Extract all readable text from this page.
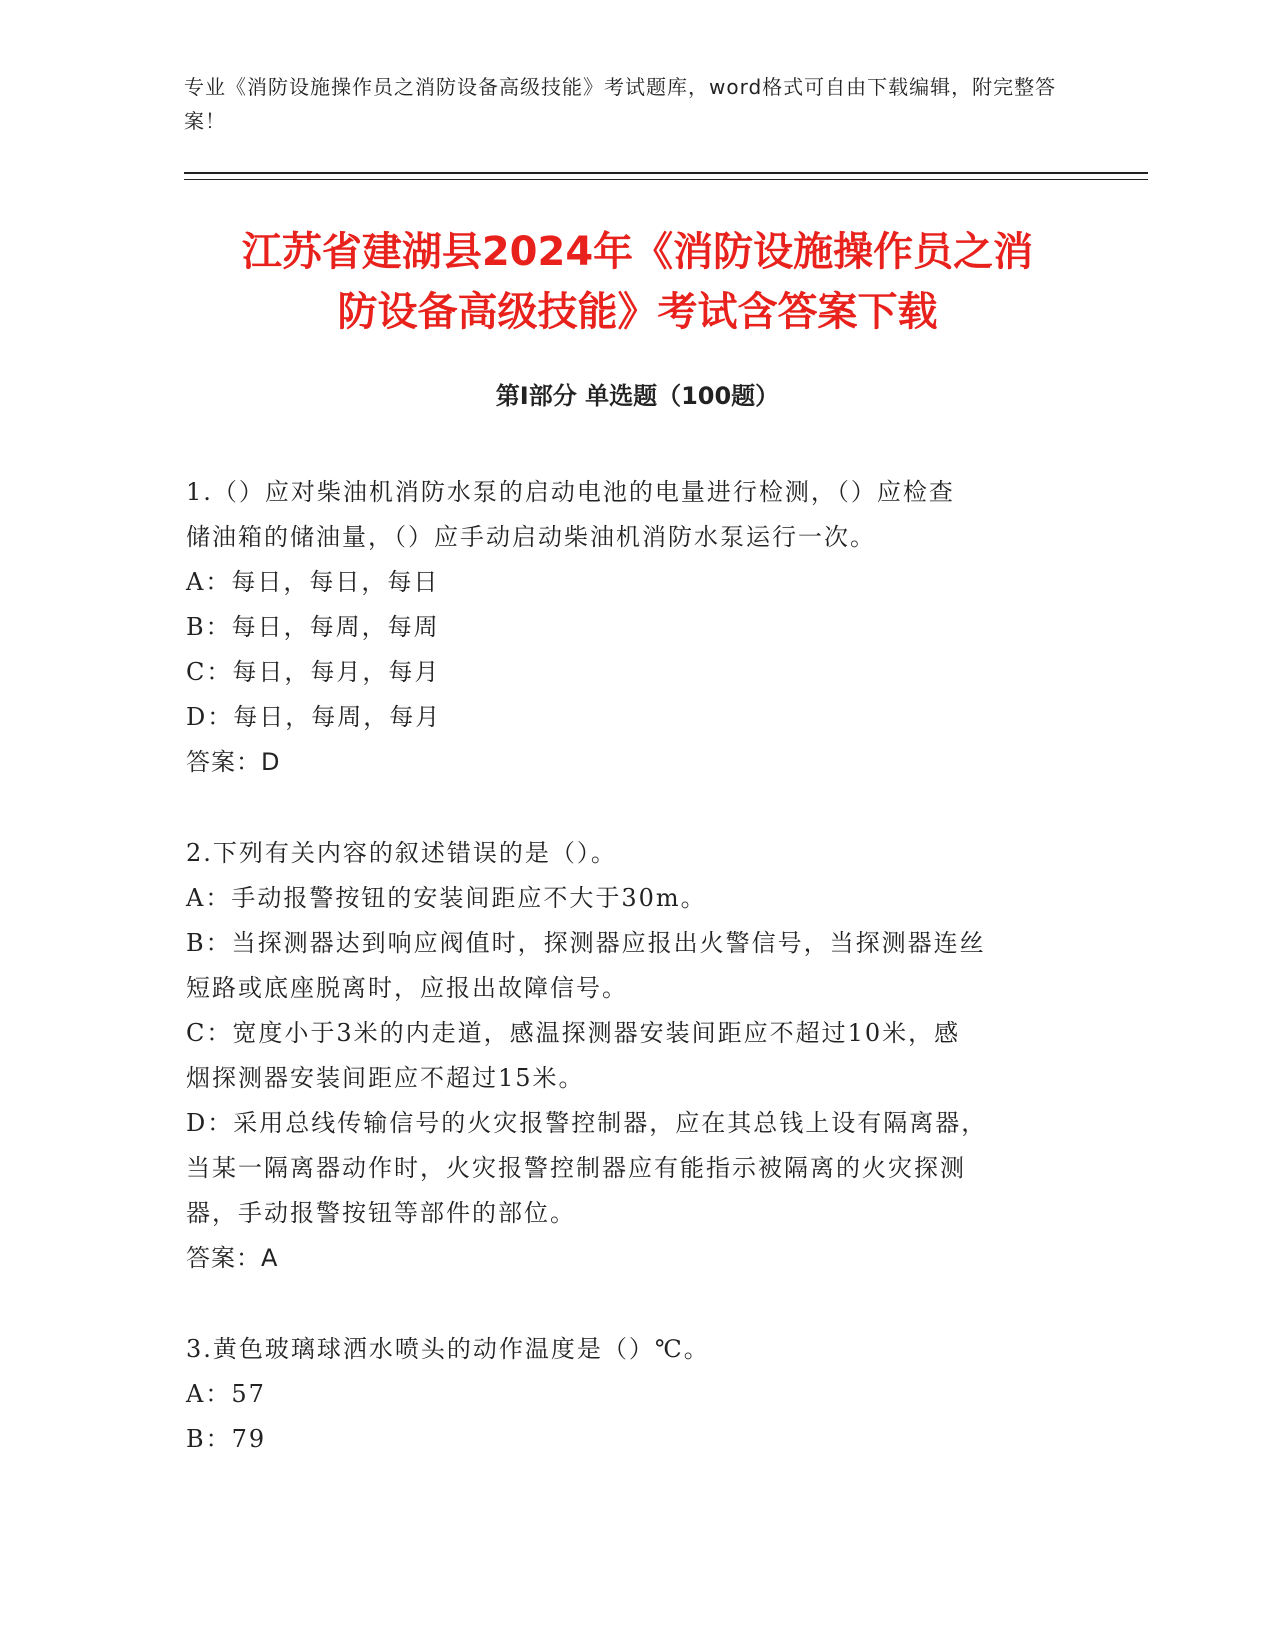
专业《消防设施操作员之消防设备高级技能》考试题库，word格式可自由下载编辑，附完整答案！
江苏省建湖县2024年《消防设施操作员之消
防设备高级技能》考试含答案下载
第I部分 单选题（100题）

1.（）应对柴油机消防水泵的启动电池的电量进行检测，（）应检查

储油箱的储油量，（）应手动启动柴油机消防水泵运行一次。

A：每日，每日，每日

B：每日，每周，每周

C：每日，每月，每月

D：每日，每周，每月

答案：D

2.下列有关内容的叙述错误的是（）。

A：手动报警按钮的安装间距应不大于30m。

B：当探测器达到响应阀值时，探测器应报出火警信号，当探测器连丝

短路或底座脱离时，应报出故障信号。

C：宽度小于3米的内走道，感温探测器安装间距应不超过10米，感

烟探测器安装间距应不超过15米。

D：采用总线传输信号的火灾报警控制器，应在其总钱上设有隔离器，

当某一隔离器动作时，火灾报警控制器应有能指示被隔离的火灾探测

器，手动报警按钮等部件的部位。

答案：A

3.黄色玻璃球洒水喷头的动作温度是（）℃。

A：57

B：79
